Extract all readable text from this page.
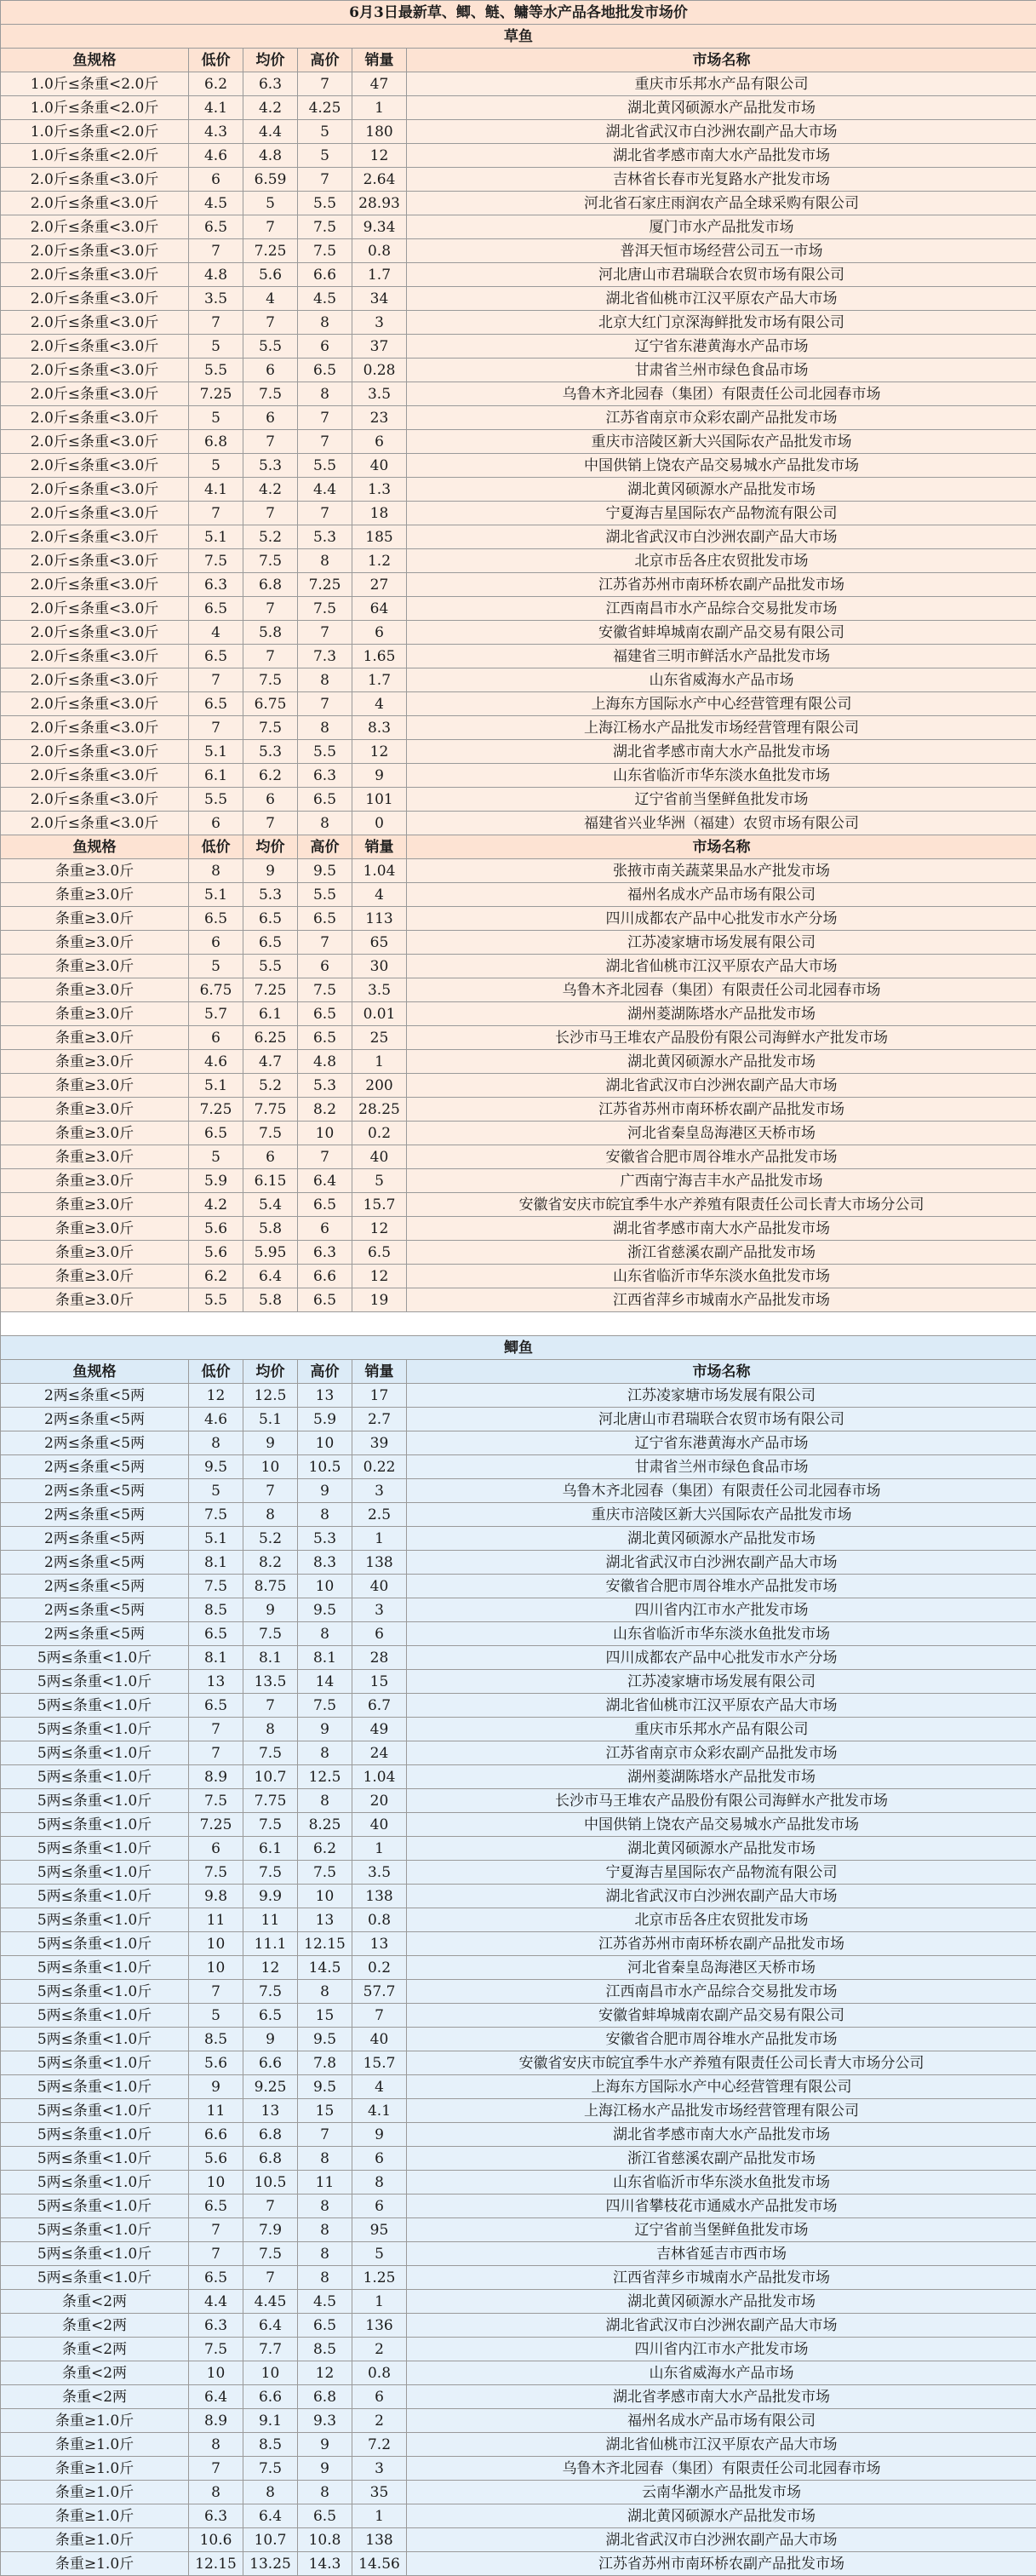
6月3日最新草、鲫、鲢、鳙等水产品各地批发市场价					
草鱼					
鱼规格	低价	均价	高价	销量	市场名称
1.0斤≤条重<2.0斤	6.2	6.3	7	47	重庆市乐邦水产品有限公司
1.0斤≤条重<2.0斤	4.1	4.2	4.25	1	湖北黄冈硕源水产品批发市场
1.0斤≤条重<2.0斤	4.3	4.4	5	180	湖北省武汉市白沙洲农副产品大市场
1.0斤≤条重<2.0斤	4.6	4.8	5	12	湖北省孝感市南大水产品批发市场
2.0斤≤条重<3.0斤	6	6.59	7	2.64	吉林省长春市光复路水产批发市场
2.0斤≤条重<3.0斤	4.5	5	5.5	28.93	河北省石家庄雨润农产品全球采购有限公司
2.0斤≤条重<3.0斤	6.5	7	7.5	9.34	厦门市水产品批发市场
2.0斤≤条重<3.0斤	7	7.25	7.5	0.8	普洱天恒市场经营公司五一市场
2.0斤≤条重<3.0斤	4.8	5.6	6.6	1.7	河北唐山市君瑞联合农贸市场有限公司
2.0斤≤条重<3.0斤	3.5	4	4.5	34	湖北省仙桃市江汉平原农产品大市场
2.0斤≤条重<3.0斤	7	7	8	3	北京大红门京深海鲜批发市场有限公司
2.0斤≤条重<3.0斤	5	5.5	6	37	辽宁省东港黄海水产品市场
2.0斤≤条重<3.0斤	5.5	6	6.5	0.28	甘肃省兰州市绿色食品市场
2.0斤≤条重<3.0斤	7.25	7.5	8	3.5	乌鲁木齐北园春（集团）有限责任公司北园春市场
2.0斤≤条重<3.0斤	5	6	7	23	江苏省南京市众彩农副产品批发市场
2.0斤≤条重<3.0斤	6.8	7	7	6	重庆市涪陵区新大兴国际农产品批发市场
2.0斤≤条重<3.0斤	5	5.3	5.5	40	中国供销上饶农产品交易城水产品批发市场
2.0斤≤条重<3.0斤	4.1	4.2	4.4	1.3	湖北黄冈硕源水产品批发市场
2.0斤≤条重<3.0斤	7	7	7	18	宁夏海吉星国际农产品物流有限公司
2.0斤≤条重<3.0斤	5.1	5.2	5.3	185	湖北省武汉市白沙洲农副产品大市场
2.0斤≤条重<3.0斤	7.5	7.5	8	1.2	北京市岳各庄农贸批发市场
2.0斤≤条重<3.0斤	6.3	6.8	7.25	27	江苏省苏州市南环桥农副产品批发市场
2.0斤≤条重<3.0斤	6.5	7	7.5	64	江西南昌市水产品综合交易批发市场
2.0斤≤条重<3.0斤	4	5.8	7	6	安徽省蚌埠城南农副产品交易有限公司
2.0斤≤条重<3.0斤	6.5	7	7.3	1.65	福建省三明市鲜活水产品批发市场
2.0斤≤条重<3.0斤	7	7.5	8	1.7	山东省威海水产品市场
2.0斤≤条重<3.0斤	6.5	6.75	7	4	上海东方国际水产中心经营管理有限公司
2.0斤≤条重<3.0斤	7	7.5	8	8.3	上海江杨水产品批发市场经营管理有限公司
2.0斤≤条重<3.0斤	5.1	5.3	5.5	12	湖北省孝感市南大水产品批发市场
2.0斤≤条重<3.0斤	6.1	6.2	6.3	9	山东省临沂市华东淡水鱼批发市场
2.0斤≤条重<3.0斤	5.5	6	6.5	101	辽宁省前当堡鲜鱼批发市场
2.0斤≤条重<3.0斤	6	7	8	0	福建省兴业华洲（福建）农贸市场有限公司
鱼规格	低价	均价	高价	销量	市场名称
条重≥3.0斤	8	9	9.5	1.04	张掖市南关蔬菜果品水产批发市场
条重≥3.0斤	5.1	5.3	5.5	4	福州名成水产品市场有限公司
条重≥3.0斤	6.5	6.5	6.5	113	四川成都农产品中心批发市水产分场
条重≥3.0斤	6	6.5	7	65	江苏凌家塘市场发展有限公司
条重≥3.0斤	5	5.5	6	30	湖北省仙桃市江汉平原农产品大市场
条重≥3.0斤	6.75	7.25	7.5	3.5	乌鲁木齐北园春（集团）有限责任公司北园春市场
条重≥3.0斤	5.7	6.1	6.5	0.01	湖州菱湖陈塔水产品批发市场
条重≥3.0斤	6	6.25	6.5	25	长沙市马王堆农产品股份有限公司海鲜水产批发市场
条重≥3.0斤	4.6	4.7	4.8	1	湖北黄冈硕源水产品批发市场
条重≥3.0斤	5.1	5.2	5.3	200	湖北省武汉市白沙洲农副产品大市场
条重≥3.0斤	7.25	7.75	8.2	28.25	江苏省苏州市南环桥农副产品批发市场
条重≥3.0斤	6.5	7.5	10	0.2	河北省秦皇岛海港区天桥市场
条重≥3.0斤	5	6	7	40	安徽省合肥市周谷堆水产品批发市场
条重≥3.0斤	5.9	6.15	6.4	5	广西南宁海吉丰水产品批发市场
条重≥3.0斤	4.2	5.4	6.5	15.7	安徽省安庆市皖宜季牛水产养殖有限责任公司长青大市场分公司
条重≥3.0斤	5.6	5.8	6	12	湖北省孝感市南大水产品批发市场
条重≥3.0斤	5.6	5.95	6.3	6.5	浙江省慈溪农副产品批发市场
条重≥3.0斤	6.2	6.4	6.6	12	山东省临沂市华东淡水鱼批发市场
条重≥3.0斤	5.5	5.8	6.5	19	江西省萍乡市城南水产品批发市场

鲫鱼					
鱼规格	低价	均价	高价	销量	市场名称
2两≤条重<5两	12	12.5	13	17	江苏凌家塘市场发展有限公司
2两≤条重<5两	4.6	5.1	5.9	2.7	河北唐山市君瑞联合农贸市场有限公司
2两≤条重<5两	8	9	10	39	辽宁省东港黄海水产品市场
2两≤条重<5两	9.5	10	10.5	0.22	甘肃省兰州市绿色食品市场
2两≤条重<5两	5	7	9	3	乌鲁木齐北园春（集团）有限责任公司北园春市场
2两≤条重<5两	7.5	8	8	2.5	重庆市涪陵区新大兴国际农产品批发市场
2两≤条重<5两	5.1	5.2	5.3	1	湖北黄冈硕源水产品批发市场
2两≤条重<5两	8.1	8.2	8.3	138	湖北省武汉市白沙洲农副产品大市场
2两≤条重<5两	7.5	8.75	10	40	安徽省合肥市周谷堆水产品批发市场
2两≤条重<5两	8.5	9	9.5	3	四川省内江市水产批发市场
2两≤条重<5两	6.5	7.5	8	6	山东省临沂市华东淡水鱼批发市场
5两≤条重<1.0斤	8.1	8.1	8.1	28	四川成都农产品中心批发市水产分场
5两≤条重<1.0斤	13	13.5	14	15	江苏凌家塘市场发展有限公司
5两≤条重<1.0斤	6.5	7	7.5	6.7	湖北省仙桃市江汉平原农产品大市场
5两≤条重<1.0斤	7	8	9	49	重庆市乐邦水产品有限公司
5两≤条重<1.0斤	7	7.5	8	24	江苏省南京市众彩农副产品批发市场
5两≤条重<1.0斤	8.9	10.7	12.5	1.04	湖州菱湖陈塔水产品批发市场
5两≤条重<1.0斤	7.5	7.75	8	20	长沙市马王堆农产品股份有限公司海鲜水产批发市场
5两≤条重<1.0斤	7.25	7.5	8.25	40	中国供销上饶农产品交易城水产品批发市场
5两≤条重<1.0斤	6	6.1	6.2	1	湖北黄冈硕源水产品批发市场
5两≤条重<1.0斤	7.5	7.5	7.5	3.5	宁夏海吉星国际农产品物流有限公司
5两≤条重<1.0斤	9.8	9.9	10	138	湖北省武汉市白沙洲农副产品大市场
5两≤条重<1.0斤	11	11	13	0.8	北京市岳各庄农贸批发市场
5两≤条重<1.0斤	10	11.1	12.15	13	江苏省苏州市南环桥农副产品批发市场
5两≤条重<1.0斤	10	12	14.5	0.2	河北省秦皇岛海港区天桥市场
5两≤条重<1.0斤	7	7.5	8	57.7	江西南昌市水产品综合交易批发市场
5两≤条重<1.0斤	5	6.5	15	7	安徽省蚌埠城南农副产品交易有限公司
5两≤条重<1.0斤	8.5	9	9.5	40	安徽省合肥市周谷堆水产品批发市场
5两≤条重<1.0斤	5.6	6.6	7.8	15.7	安徽省安庆市皖宜季牛水产养殖有限责任公司长青大市场分公司
5两≤条重<1.0斤	9	9.25	9.5	4	上海东方国际水产中心经营管理有限公司
5两≤条重<1.0斤	11	13	15	4.1	上海江杨水产品批发市场经营管理有限公司
5两≤条重<1.0斤	6.6	6.8	7	9	湖北省孝感市南大水产品批发市场
5两≤条重<1.0斤	5.6	6.8	8	6	浙江省慈溪农副产品批发市场
5两≤条重<1.0斤	10	10.5	11	8	山东省临沂市华东淡水鱼批发市场
5两≤条重<1.0斤	6.5	7	8	6	四川省攀枝花市通威水产品批发市场
5两≤条重<1.0斤	7	7.9	8	95	辽宁省前当堡鲜鱼批发市场
5两≤条重<1.0斤	7	7.5	8	5	吉林省延吉市西市场
5两≤条重<1.0斤	6.5	7	8	1.25	江西省萍乡市城南水产品批发市场
条重<2两	4.4	4.45	4.5	1	湖北黄冈硕源水产品批发市场
条重<2两	6.3	6.4	6.5	136	湖北省武汉市白沙洲农副产品大市场
条重<2两	7.5	7.7	8.5	2	四川省内江市水产批发市场
条重<2两	10	10	12	0.8	山东省威海水产品市场
条重<2两	6.4	6.6	6.8	6	湖北省孝感市南大水产品批发市场
条重≥1.0斤	8.9	9.1	9.3	2	福州名成水产品市场有限公司
条重≥1.0斤	8	8.5	9	7.2	湖北省仙桃市江汉平原农产品大市场
条重≥1.0斤	7	7.5	9	3	乌鲁木齐北园春（集团）有限责任公司北园春市场
条重≥1.0斤	8	8	8	35	云南华潮水产品批发市场
条重≥1.0斤	6.3	6.4	6.5	1	湖北黄冈硕源水产品批发市场
条重≥1.0斤	10.6	10.7	10.8	138	湖北省武汉市白沙洲农副产品大市场
条重≥1.0斤	12.15	13.25	14.3	14.56	江苏省苏州市南环桥农副产品批发市场
